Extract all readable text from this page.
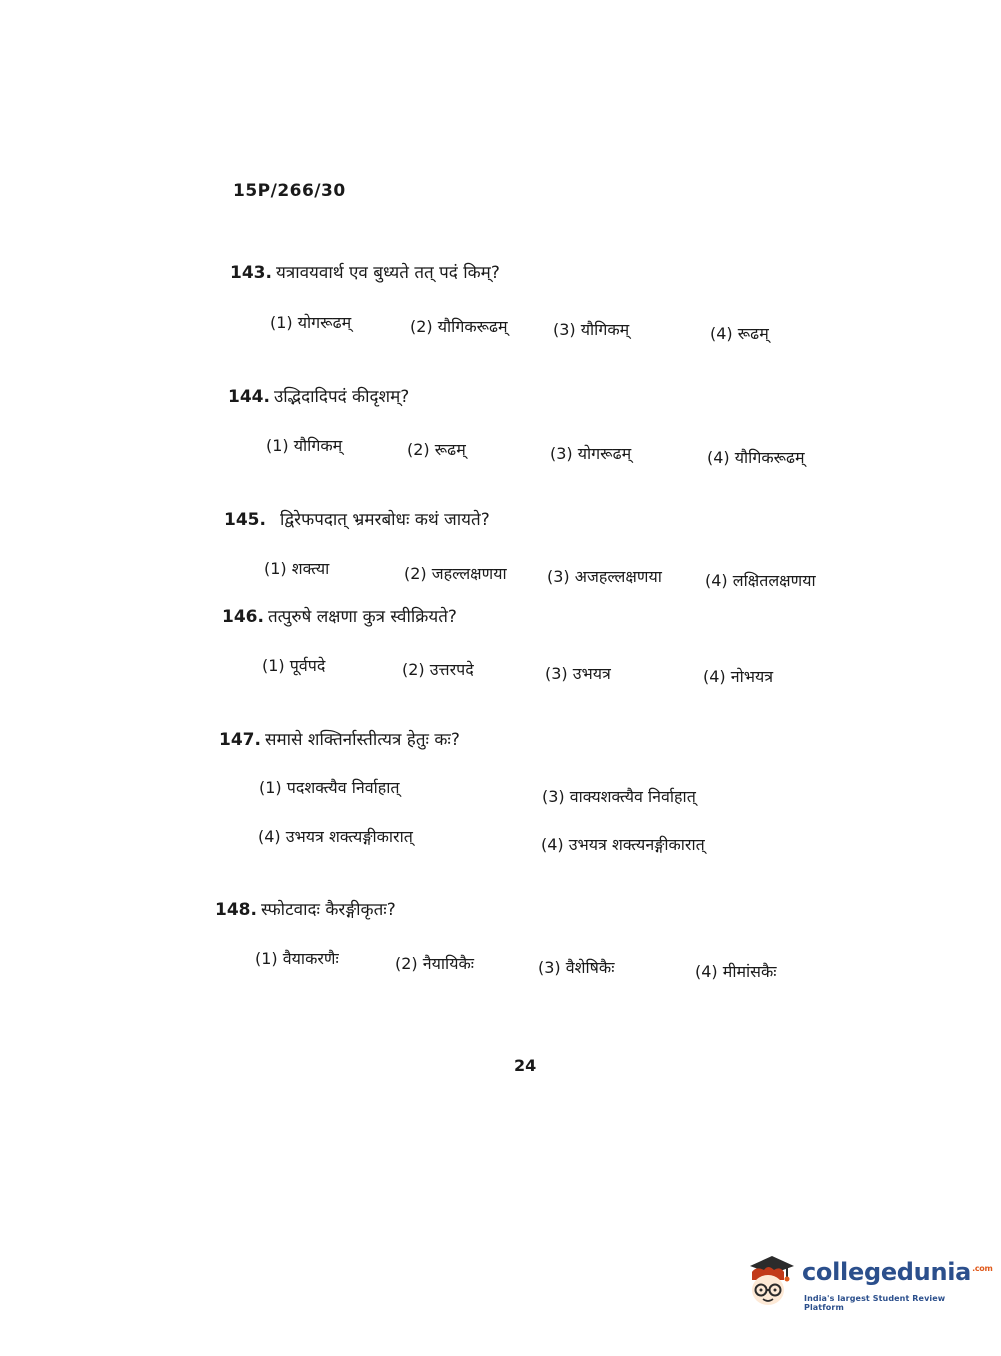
15P/266/30
143. यत्रावयवार्थ एव बुध्यते तत् पदं किम्?
(1) योगरूढम्	(2) यौगिकरूढम्	(3) यौगिकम्	(4) रूढम्
144. उद्भिदादिपदं कीदृशम्?
(1) यौगिकम्	(2) रूढम्	(3) योगरूढम्	(4) यौगिकरूढम्
145. द्विरेफपदात् भ्रमरबोधः कथं जायते?
(1) शक्त्या	(2) जहल्लक्षणया	(3) अजहल्लक्षणया	(4) लक्षितलक्षणया
146. तत्पुरुषे लक्षणा कुत्र स्वीक्रियते?
(1) पूर्वपदे	(2) उत्तरपदे	(3) उभयत्र	(4) नोभयत्र
147. समासे शक्तिर्नास्तीत्यत्र हेतुः कः?
(1) पदशक्त्यैव निर्वाहात्	(3) वाक्यशक्त्यैव निर्वाहात्
(4) उभयत्र शक्त्यङ्गीकारात्	(4) उभयत्र शक्त्यनङ्गीकारात्
148. स्फोटवादः कैरङ्गीकृतः?
(1) वैयाकरणैः	(2) नैयायिकैः	(3) वैशेषिकैः	(4) मीमांसकैः
24
collegedunia$^{.com}$
India's largest Student Review Platform
